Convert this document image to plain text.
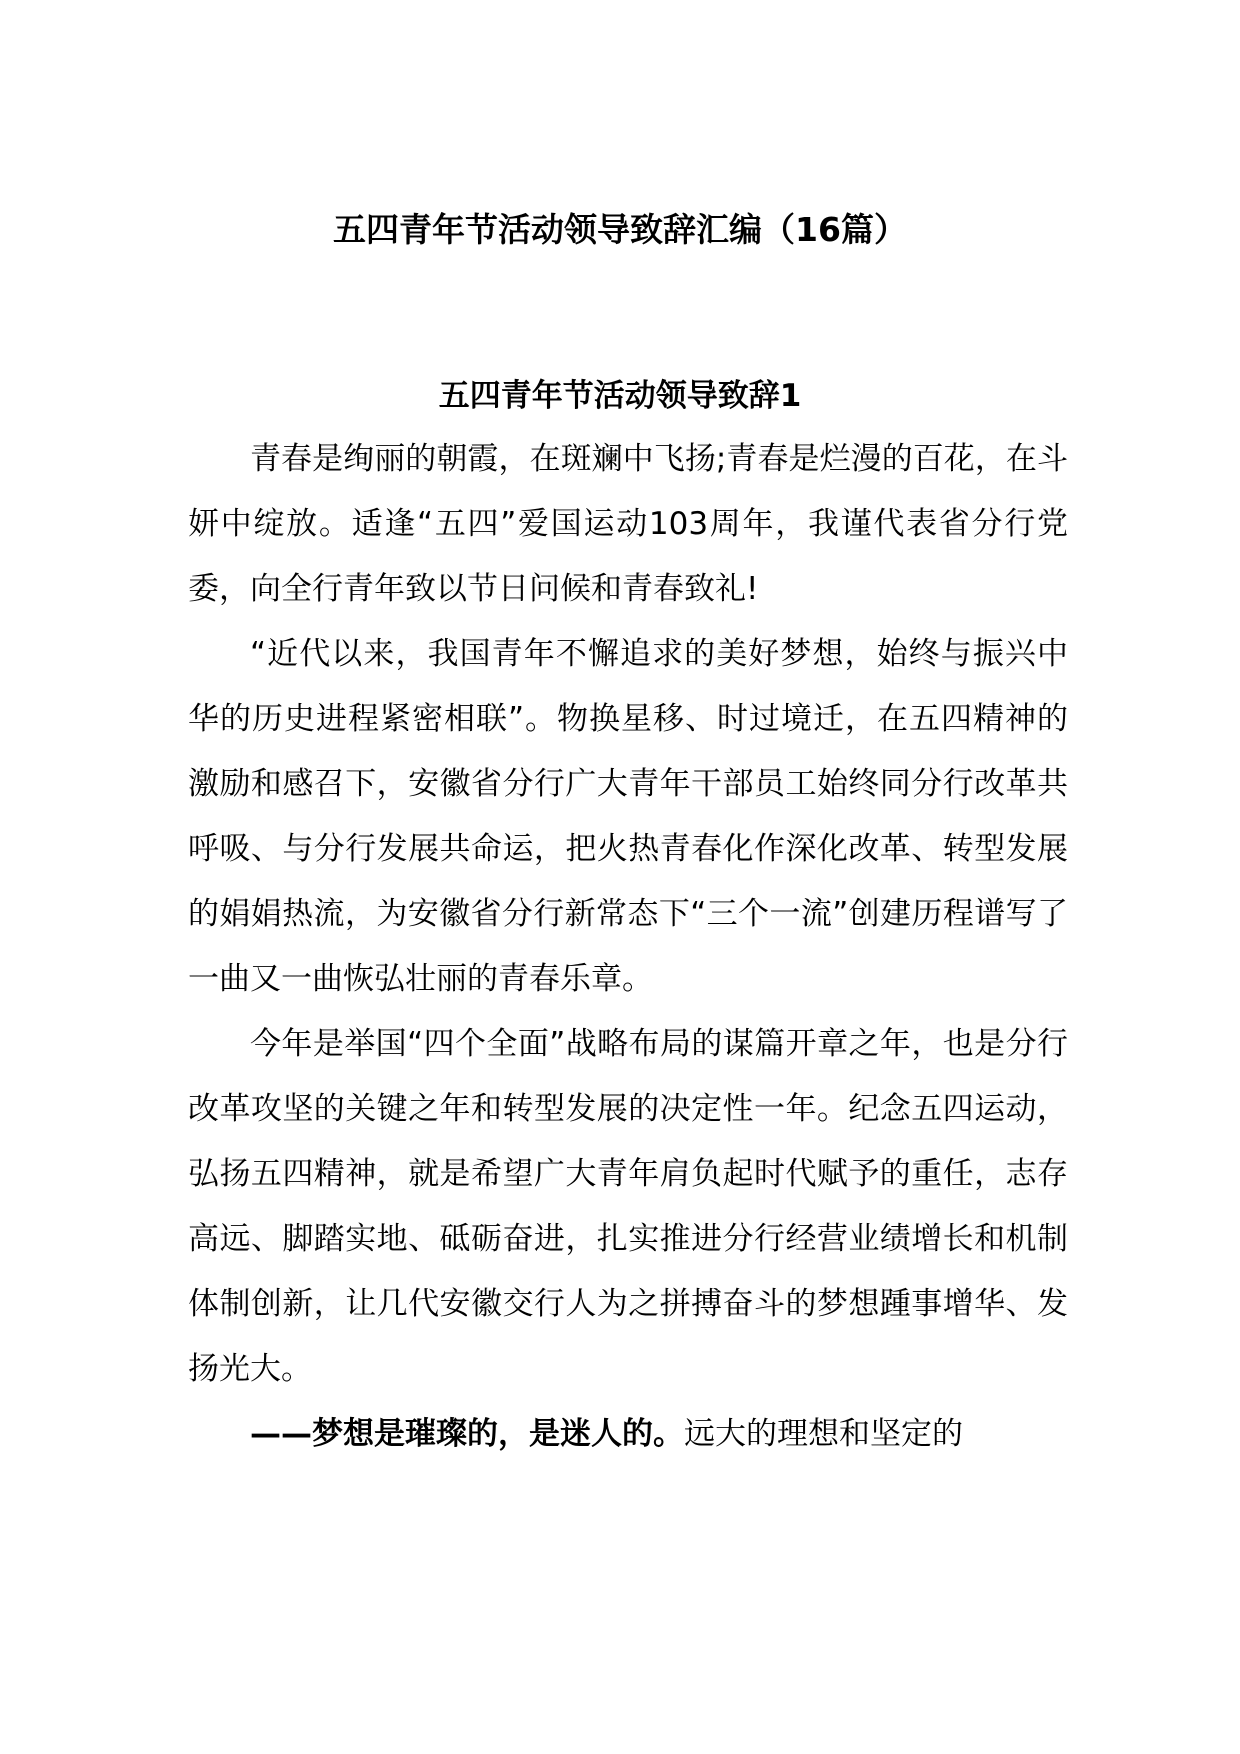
五四青年节活动领导致辞汇编（16篇）
五四青年节活动领导致辞1

青春是绚丽的朝霞，在斑斓中飞扬;青春是烂漫的百花，在斗妍中绽放。适逢“五四”爱国运动103周年，我谨代表省分行党委，向全行青年致以节日问候和青春致礼!

“近代以来，我国青年不懈追求的美好梦想，始终与振兴中华的历史进程紧密相联”。物换星移、时过境迁，在五四精神的激励和感召下，安徽省分行广大青年干部员工始终同分行改革共呼吸、与分行发展共命运，把火热青春化作深化改革、转型发展的娟娟热流，为安徽省分行新常态下“三个一流”创建历程谱写了一曲又一曲恢弘壮丽的青春乐章。

今年是举国“四个全面”战略布局的谋篇开章之年，也是分行改革攻坚的关键之年和转型发展的决定性一年。纪念五四运动，弘扬五四精神，就是希望广大青年肩负起时代赋予的重任，志存高远、脚踏实地、砥砺奋进，扎实推进分行经营业绩增长和机制体制创新，让几代安徽交行人为之拼搏奋斗的梦想踵事增华、发扬光大。

——梦想是璀璨的，是迷人的。远大的理想和坚定的
